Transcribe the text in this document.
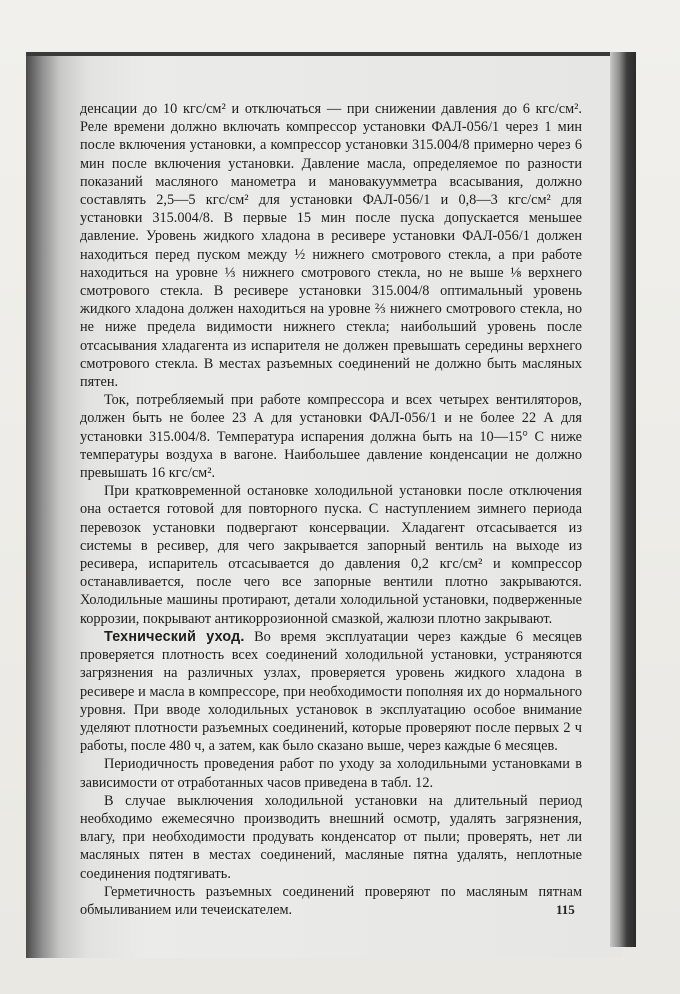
денсации до 10 кгс/см² и отключаться — при снижении давления до 6 кгс/см². Реле времени должно включать компрессор установки ФАЛ-056/1 через 1 мин после включения установки, а компрессор установки 315.004/8 примерно через 6 мин после включения установки. Давление масла, определяемое по разности показаний масляного манометра и мановакуумметра всасывания, должно составлять 2,5—5 кгс/см² для установки ФАЛ-056/1 и 0,8—3 кгс/см² для установки 315.004/8. В первые 15 мин после пуска допускается меньшее давление. Уровень жидкого хладона в ресивере установки ФАЛ-056/1 должен находиться перед пуском между ½ нижнего смотрового стекла, а при работе находиться на уровне ⅓ нижнего смотрового стекла, но не выше ⅛ верхнего смотрового стекла. В ресивере установки 315.004/8 оптимальный уровень жидкого хладона должен находиться на уровне ⅔ нижнего смотрового стекла, но не ниже предела видимости нижнего стекла; наибольший уровень после отсасывания хладагента из испарителя не должен превышать середины верхнего смотрового стекла. В местах разъемных соединений не должно быть масляных пятен.

Ток, потребляемый при работе компрессора и всех четырех вентиляторов, должен быть не более 23 А для установки ФАЛ-056/1 и не более 22 А для установки 315.004/8. Температура испарения должна быть на 10—15° С ниже температуры воздуха в вагоне. Наибольшее давление конденсации не должно превышать 16 кгс/см².

При кратковременной остановке холодильной установки после отключения она остается готовой для повторного пуска. С наступлением зимнего периода перевозок установки подвергают консервации. Хладагент отсасывается из системы в ресивер, для чего закрывается запорный вентиль на выходе из ресивера, испаритель отсасывается до давления 0,2 кгс/см² и компрессор останавливается, после чего все запорные вентили плотно закрываются. Холодильные машины протирают, детали холодильной установки, подверженные коррозии, покрывают антикоррозионной смазкой, жалюзи плотно закрывают.

Технический уход. Во время эксплуатации через каждые 6 месяцев проверяется плотность всех соединений холодильной установки, устраняются загрязнения на различных узлах, проверяется уровень жидкого хладона в ресивере и масла в компрессоре, при необходимости пополняя их до нормального уровня. При вводе холодильных установок в эксплуатацию особое внимание уделяют плотности разъемных соединений, которые проверяют после первых 2 ч работы, после 480 ч, а затем, как было сказано выше, через каждые 6 месяцев.

Периодичность проведения работ по уходу за холодильными установками в зависимости от отработанных часов приведена в табл. 12.

В случае выключения холодильной установки на длительный период необходимо ежемесячно производить внешний осмотр, удалять загрязнения, влагу, при необходимости продувать конденсатор от пыли; проверять, нет ли масляных пятен в местах соединений, масляные пятна удалять, неплотные соединения подтягивать.

Герметичность разъемных соединений проверяют по масляным пятнам обмыливанием или течеискателем.	115
